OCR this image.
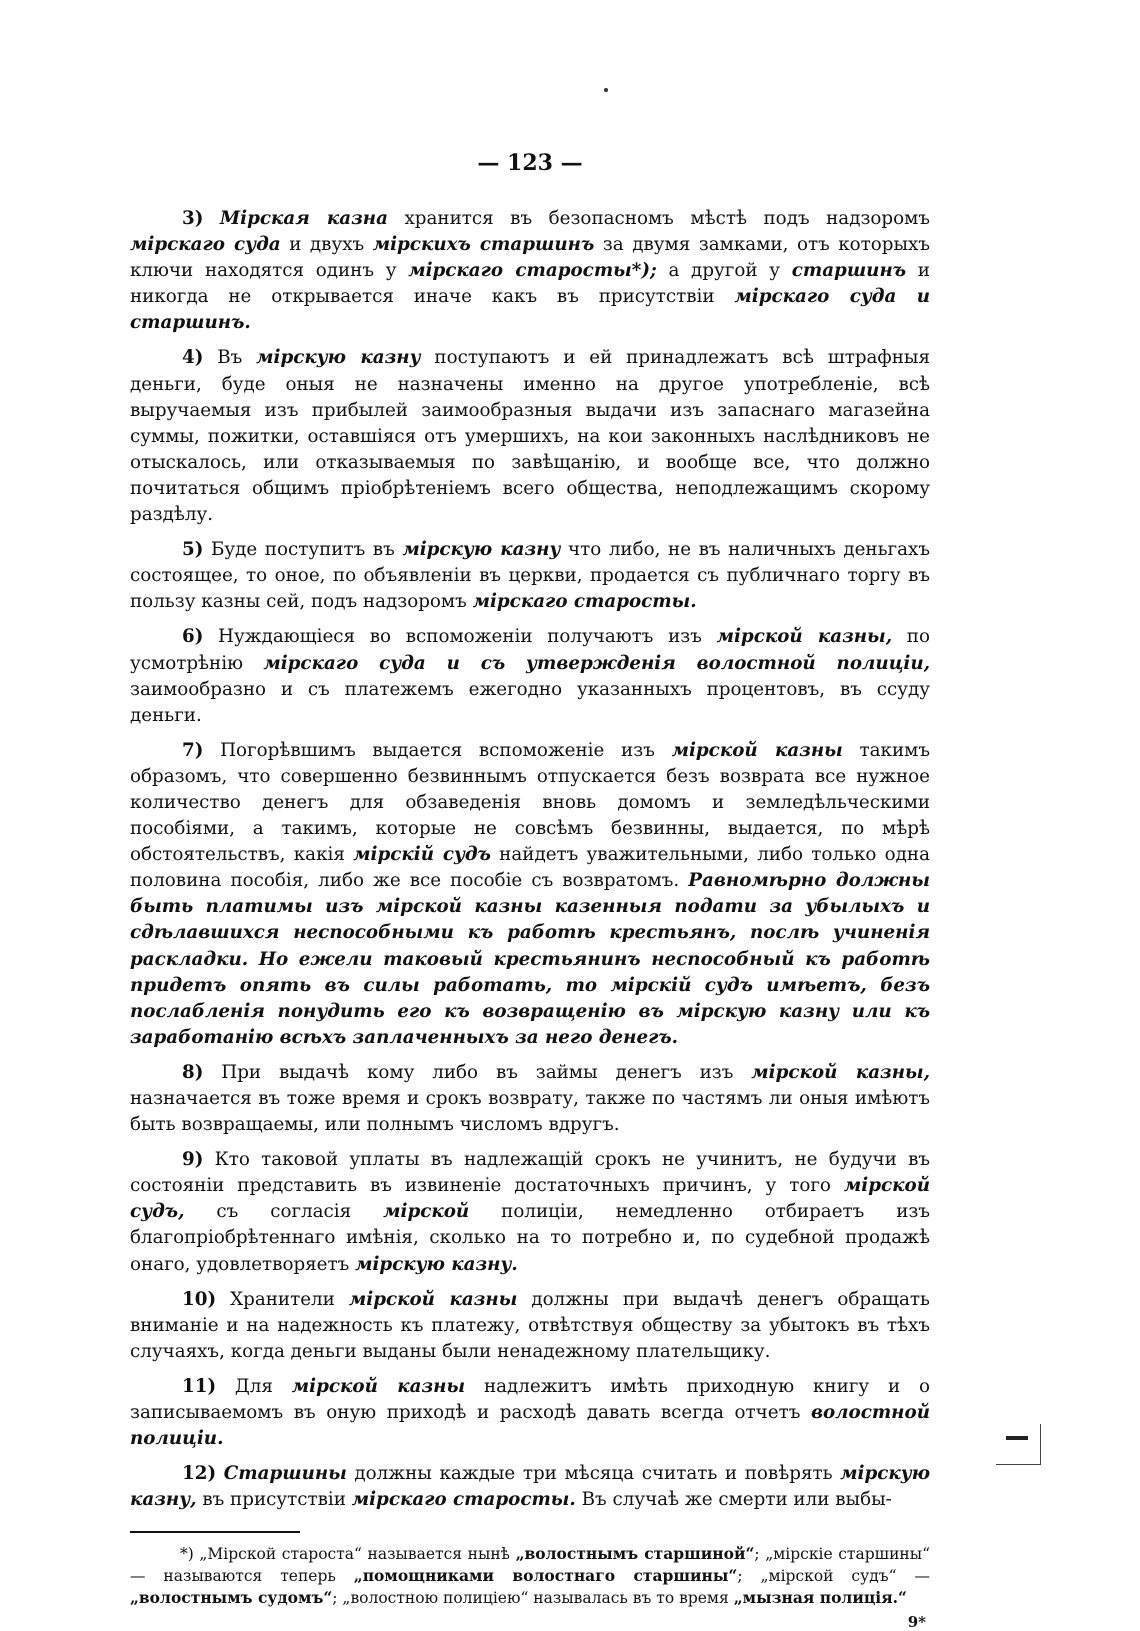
— 123 —

3) Мірская казна хранится въ безопасномъ мѣстѣ подъ надзоромъ мірскаго суда и двухъ мірскихъ старшинъ за двумя замками, отъ которыхъ ключи находятся одинъ у мірскаго старосты*); а другой у старшинъ и никогда не открывается иначе какъ въ присутствіи мірскаго суда и старшинъ.

4) Въ мірскую казну поступаютъ и ей принадлежатъ всѣ штрафныя деньги, буде оныя не назначены именно на другое употребленіе, всѣ выручаемыя изъ прибылей заимообразныя выдачи изъ запаснаго магазейна суммы, пожитки, оставшіяся отъ умершихъ, на кои законныхъ наслѣдниковъ не отыскалось, или отказываемыя по завѣщанію, и вообще все, что должно почитаться общимъ пріобрѣтеніемъ всего общества, неподлежащимъ скорому раздѣлу.

5) Буде поступитъ въ мірскую казну что либо, не въ наличныхъ деньгахъ состоящее, то оное, по объявленіи въ церкви, продается съ публичнаго торгу въ пользу казны сей, подъ надзоромъ мірскаго старосты.

6) Нуждающіеся во вспоможеніи получаютъ изъ мірской казны, по усмотрѣнію мірскаго суда и съ утвержденія волостной полиціи, заимообразно и съ платежемъ ежегодно указанныхъ процентовъ, въ ссуду деньги.

7) Погорѣвшимъ выдается вспоможеніе изъ мірской казны такимъ образомъ, что совершенно безвиннымъ отпускается безъ возврата все нужное количество денегъ для обзаведенія вновь домомъ и земледѣльческими пособіями, а такимъ, которые не совсѣмъ безвинны, выдается, по мѣрѣ обстоятельствъ, какія мірскій судъ найдетъ уважительными, либо только одна половина пособія, либо же все пособіе съ возвратомъ. Равномѣрно должны быть платимы изъ мірской казны казенныя подати за убылыхъ и сдѣлавшихся неспособными къ работѣ крестьянъ, послѣ учиненія раскладки. Но ежели таковый крестьянинъ неспособный къ работѣ придетъ опять въ силы работать, то мірскій судъ имѣетъ, безъ послабленія понудить его къ возвращенію въ мірскую казну или къ заработанію всѣхъ заплаченныхъ за него денегъ.

8) При выдачѣ кому либо въ займы денегъ изъ мірской казны, назначается въ тоже время и срокъ возврату, также по частямъ ли оныя имѣютъ быть возвращаемы, или полнымъ числомъ вдругъ.

9) Кто таковой уплаты въ надлежащій срокъ не учинитъ, не будучи въ состояніи представить въ извиненіе достаточныхъ причинъ, у того мірской судъ, съ согласія мірской полиціи, немедленно отбираетъ изъ благопріобрѣтеннаго имѣнія, сколько на то потребно и, по судебной продажѣ онаго, удовлетворяетъ мірскую казну.

10) Хранители мірской казны должны при выдачѣ денегъ обращать вниманіе и на надежность къ платежу, отвѣтствуя обществу за убытокъ въ тѣхъ случаяхъ, когда деньги выданы были ненадежному плательщику.

11) Для мірской казны надлежитъ имѣть приходную книгу и о записываемомъ въ оную приходѣ и расходѣ давать всегда отчетъ волостной полиціи.

12) Старшины должны каждые три мѣсяца считать и повѣрять мірскую казну, въ присутствіи мірскаго старосты. Въ случаѣ же смерти или выбы-

*) „Мірской староста“ называется нынѣ „волостнымъ старшиной“; „мірскіе старшины“ — называются теперь „помощниками волостнаго старшины“; „мірской судъ“ — „волостнымъ судомъ“; „волостною полиціею“ называлась въ то время „мызная полиція.“

9*
